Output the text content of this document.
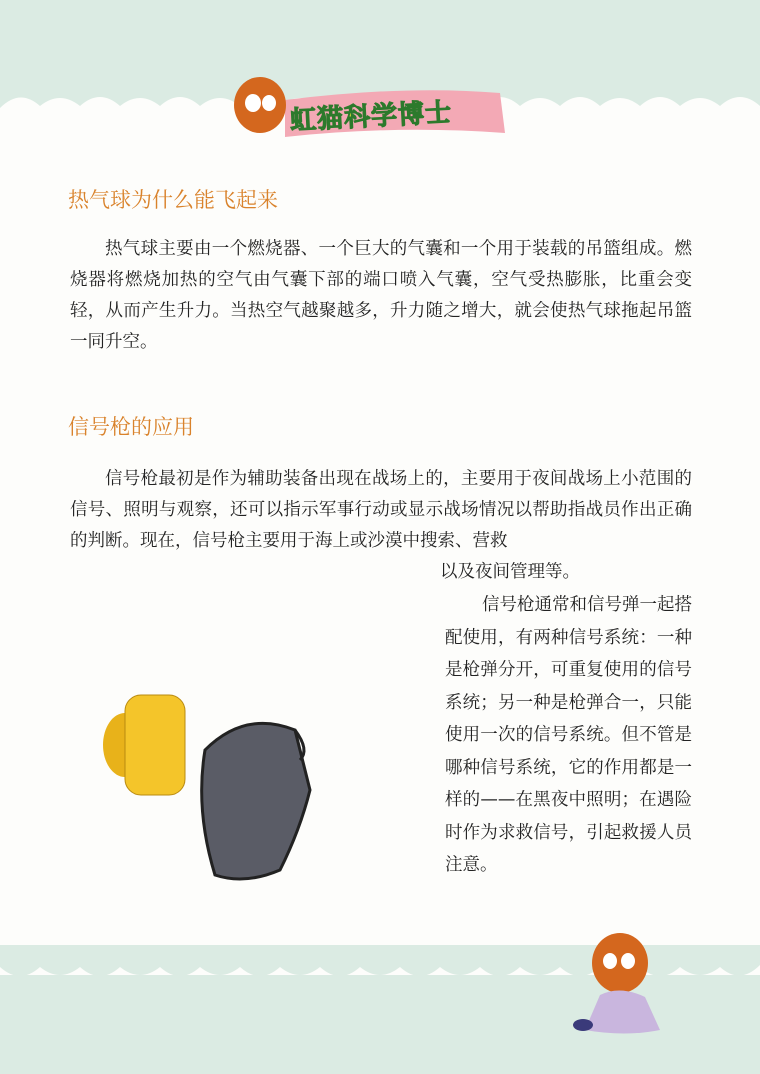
虹猫科学博士
热气球为什么能飞起来
热气球主要由一个燃烧器、一个巨大的气囊和一个用于装载的吊篮组成。燃烧器将燃烧加热的空气由气囊下部的端口喷入气囊，空气受热膨胀，比重会变轻，从而产生升力。当热空气越聚越多，升力随之增大，就会使热气球拖起吊篮一同升空。
信号枪的应用
信号枪最初是作为辅助装备出现在战场上的，主要用于夜间战场上小范围的信号、照明与观察，还可以指示军事行动或显示战场情况以帮助指战员作出正确的判断。现在，信号枪主要用于海上或沙漠中搜索、营救
以及夜间管理等。
信号枪通常和信号弹一起搭配使用，有两种信号系统：一种是枪弹分开，可重复使用的信号系统；另一种是枪弹合一，只能使用一次的信号系统。但不管是哪种信号系统，它的作用都是一样的——在黑夜中照明；在遇险时作为求救信号，引起救援人员注意。
